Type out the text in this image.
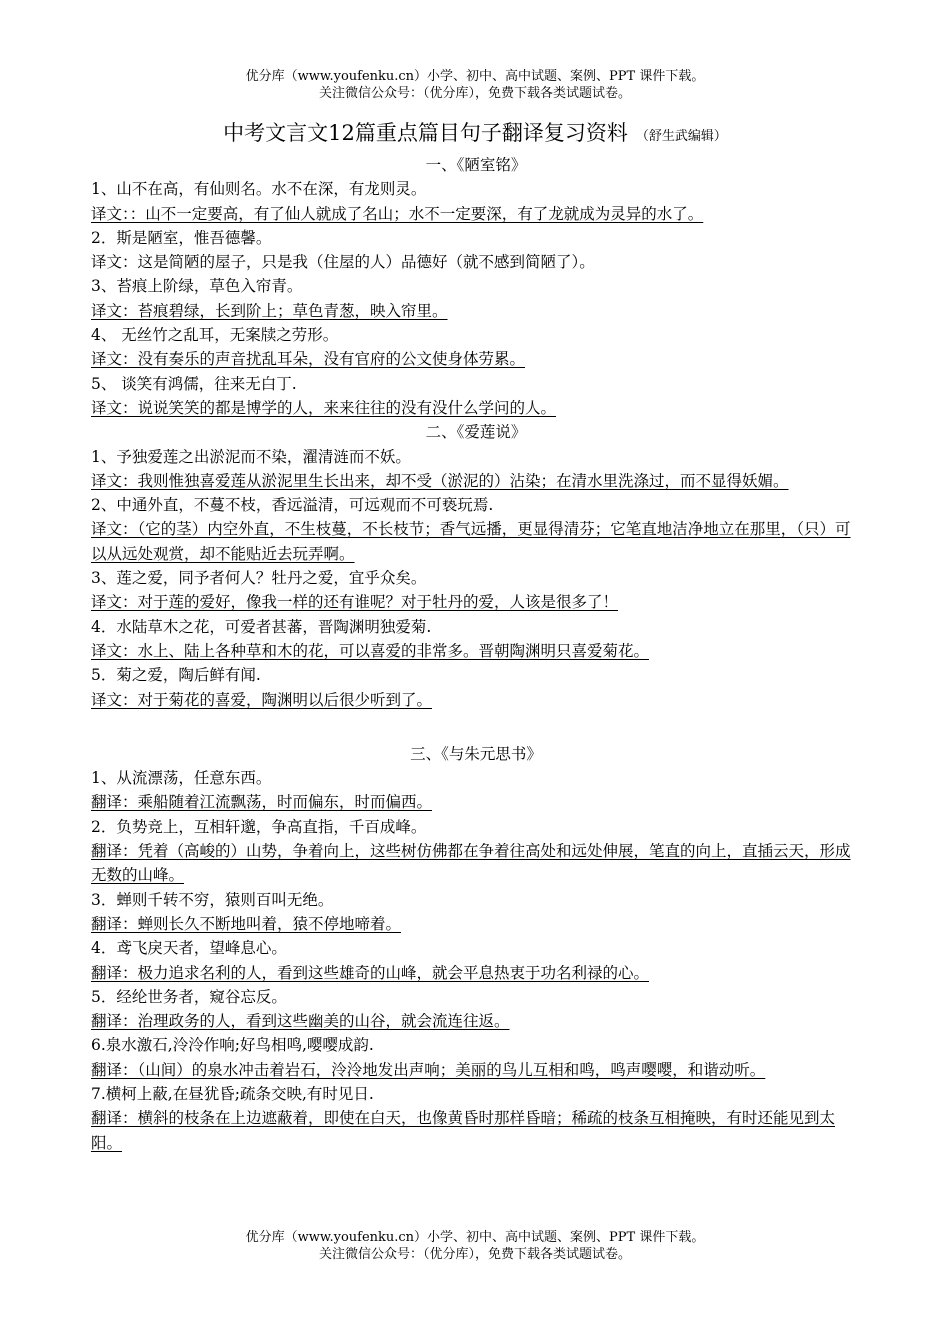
优分库（www.youfenku.cn）小学、初中、高中试题、案例、PPT 课件下载。
关注微信公众号：（优分库），免费下载各类试题试卷。
中考文言文12篇重点篇目句子翻译复习资料 （舒生武编辑）
一、《陋室铭》
1、山不在高，有仙则名。水不在深，有龙则灵。
译文：：山不一定要高，有了仙人就成了名山；水不一定要深，有了龙就成为灵异的水了。
2．斯是陋室，惟吾德馨。
译文：这是简陋的屋子，只是我（住屋的人）品德好（就不感到简陋了）。
3、苔痕上阶绿，草色入帘青。
译文：苔痕碧绿，长到阶上；草色青葱，映入帘里。
4、 无丝竹之乱耳，无案牍之劳形。
译文：没有奏乐的声音扰乱耳朵，没有官府的公文使身体劳累。
5、 谈笑有鸿儒，往来无白丁.
译文：说说笑笑的都是博学的人，来来往往的没有没什么学问的人。
二、《爱莲说》
1、予独爱莲之出淤泥而不染，濯清涟而不妖。
译文：我则惟独喜爱莲从淤泥里生长出来，却不受（淤泥的）沾染；在清水里洗涤过，而不显得妖媚。
2、中通外直，不蔓不枝，香远溢清，可远观而不可亵玩焉.
译文：（它的茎）内空外直，不生枝蔓，不长枝节；香气远播，更显得清芬；它笔直地洁净地立在那里，（只）可以从远处观赏，却不能贴近去玩弄啊。
3、莲之爱，同予者何人？牡丹之爱，宜乎众矣。
译文：对于莲的爱好，像我一样的还有谁呢？对于牡丹的爱，人该是很多了！
4．水陆草木之花，可爱者甚蕃，晋陶渊明独爱菊.
译文：水上、陆上各种草和木的花，可以喜爱的非常多。晋朝陶渊明只喜爱菊花。
5．菊之爱，陶后鲜有闻.
译文：对于菊花的喜爱，陶渊明以后很少听到了。
三、《与朱元思书》
1、从流漂荡，任意东西。
翻译：乘船随着江流飘荡，时而偏东，时而偏西。
2．负势竞上，互相轩邈，争高直指，千百成峰。
翻译：凭着（高峻的）山势，争着向上，这些树仿佛都在争着往高处和远处伸展，笔直的向上，直插云天，形成无数的山峰。
3．蝉则千转不穷，猿则百叫无绝。
翻译：蝉则长久不断地叫着，猿不停地啼着。
4．鸢飞戾天者，望峰息心。
翻译：极力追求名利的人，看到这些雄奇的山峰，就会平息热衷于功名利禄的心。
5．经纶世务者，窥谷忘反。
翻译：治理政务的人，看到这些幽美的山谷，就会流连往返。
6.泉水激石,泠泠作响;好鸟相鸣,嘤嘤成韵.
翻译：（山间）的泉水冲击着岩石，泠泠地发出声响；美丽的鸟儿互相和鸣，鸣声嘤嘤，和谐动听。
7.横柯上蔽,在昼犹昏;疏条交映,有时见日.
翻译：横斜的枝条在上边遮蔽着，即使在白天，也像黄昏时那样昏暗；稀疏的枝条互相掩映，有时还能见到太阳。
优分库（www.youfenku.cn）小学、初中、高中试题、案例、PPT 课件下载。
关注微信公众号：（优分库），免费下载各类试题试卷。
